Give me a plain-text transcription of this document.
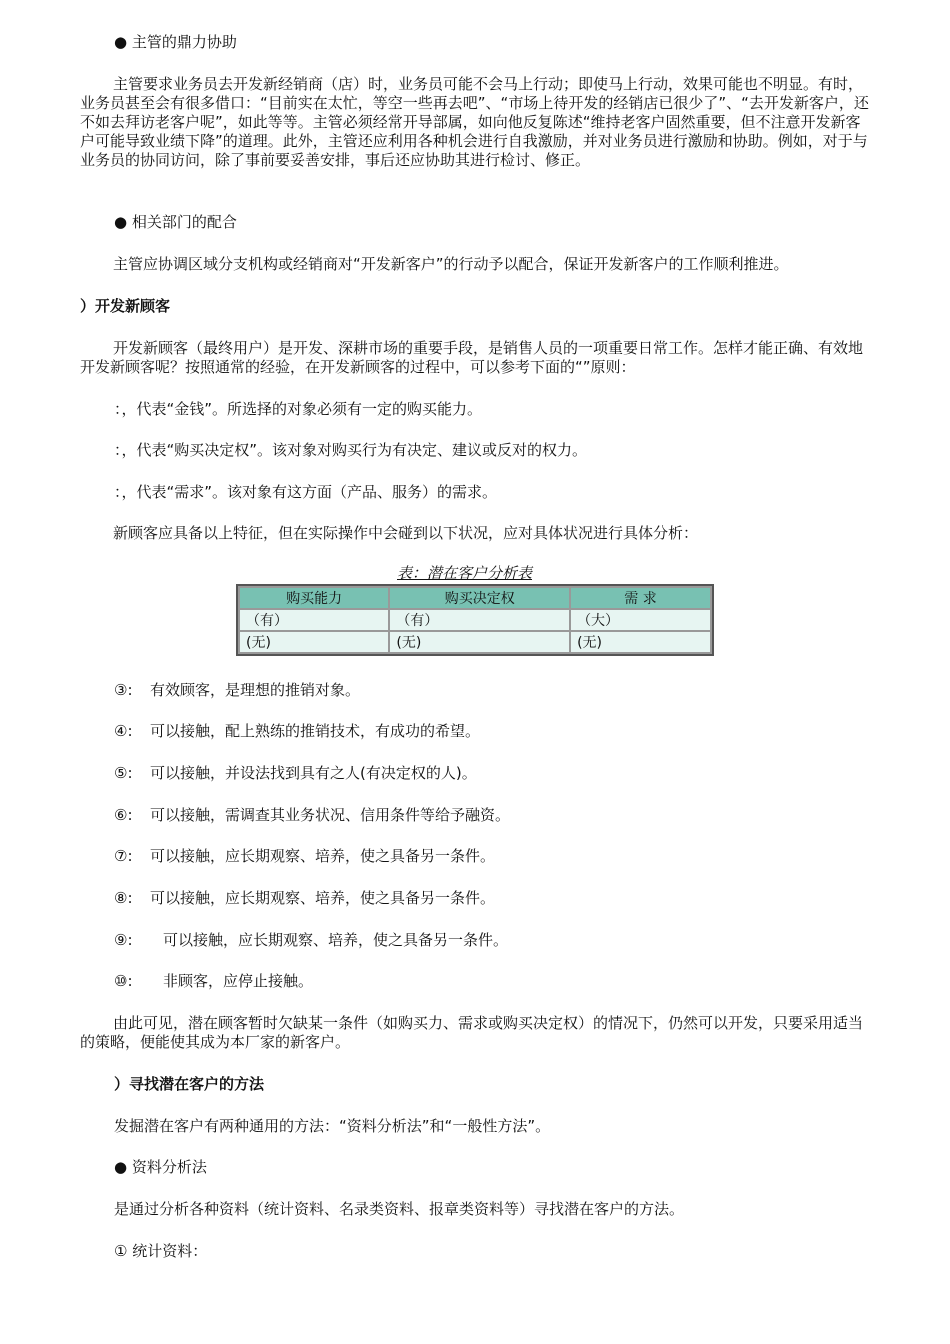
● 主管的鼎力协助

主管要求业务员去开发新经销商（店）时，业务员可能不会马上行动；即使马上行动，效果可能也不明显。有时，业务员甚至会有很多借口：“目前实在太忙，等空一些再去吧”、“市场上待开发的经销店已很少了”、“去开发新客户，还不如去拜访老客户呢”，如此等等。主管必须经常开导部属，如向他反复陈述“维持老客户固然重要，但不注意开发新客户可能导致业绩下降”的道理。此外，主管还应利用各种机会进行自我激励，并对业务员进行激励和协助。例如，对于与业务员的协同访问，除了事前要妥善安排，事后还应协助其进行检讨、修正。

● 相关部门的配合

主管应协调区域分支机构或经销商对“开发新客户”的行动予以配合，保证开发新客户的工作顺利推进。

）开发新顾客

开发新顾客（最终用户）是开发、深耕市场的重要手段，是销售人员的一项重要日常工作。怎样才能正确、有效地开发新顾客呢？按照通常的经验，在开发新顾客的过程中，可以参考下面的“”原则：

：，代表“金钱”。所选择的对象必须有一定的购买能力。

：，代表“购买决定权”。该对象对购买行为有决定、建议或反对的权力。

：，代表“需求”。该对象有这方面（产品、服务）的需求。

新顾客应具备以上特征，但在实际操作中会碰到以下状况，应对具体状况进行具体分析：

表：潜在客户分析表
购买能力	购买决定权	需 求
（有）	（有）	（大）
(无)	(无)	(无)

③: 有效顾客，是理想的推销对象。

④: 可以接触，配上熟练的推销技术，有成功的希望。

⑤: 可以接触，并设法找到具有之人(有决定权的人)。

⑥: 可以接触，需调查其业务状况、信用条件等给予融资。

⑦: 可以接触，应长期观察、培养，使之具备另一条件。

⑧: 可以接触，应长期观察、培养，使之具备另一条件。

⑨: 可以接触，应长期观察、培养，使之具备另一条件。

⑩: 非顾客，应停止接触。

由此可见，潜在顾客暂时欠缺某一条件（如购买力、需求或购买决定权）的情况下，仍然可以开发，只要采用适当的策略，便能使其成为本厂家的新客户。

）寻找潜在客户的方法

发掘潜在客户有两种通用的方法：“资料分析法”和“一般性方法”。

● 资料分析法

是通过分析各种资料（统计资料、名录类资料、报章类资料等）寻找潜在客户的方法。

① 统计资料：
